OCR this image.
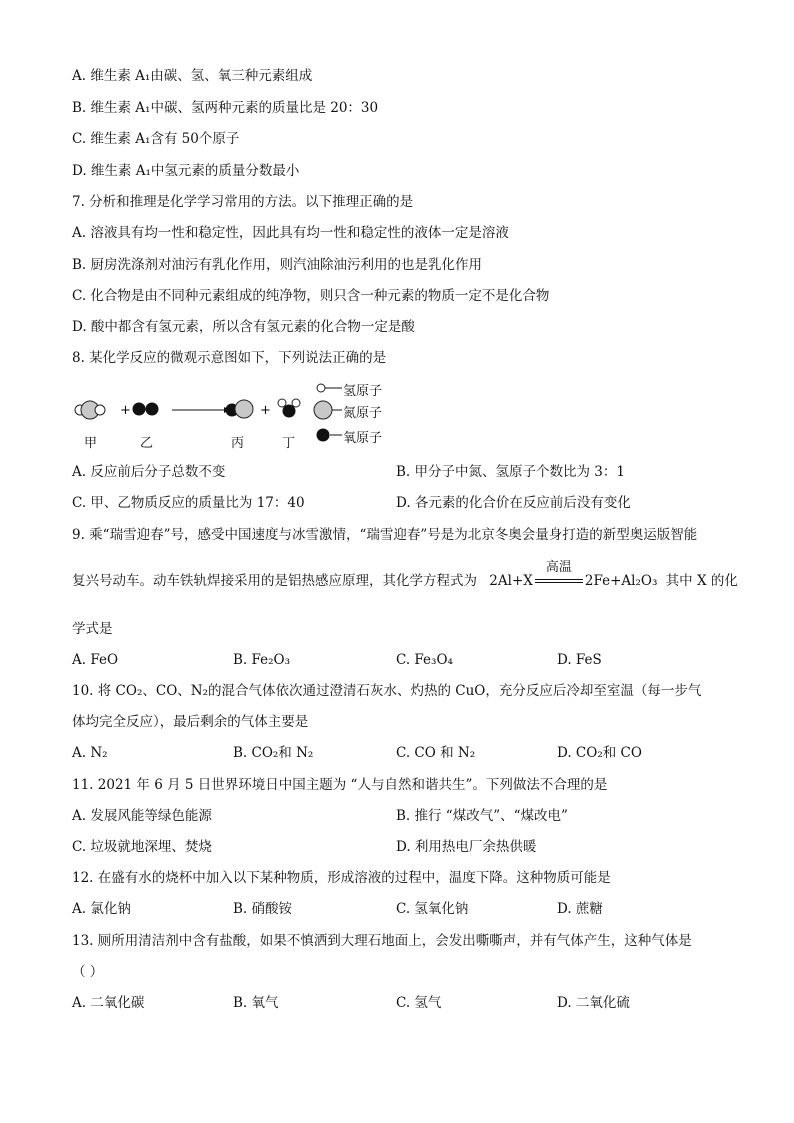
A. 维生素 A₁由碳、氢、氧三种元素组成
B. 维生素 A₁中碳、氢两种元素的质量比是 20：30
C. 维生素 A₁含有 50个原子
D. 维生素 A₁中氢元素的质量分数最小
7. 分析和推理是化学学习常用的方法。以下推理正确的是
A. 溶液具有均一性和稳定性，因此具有均一性和稳定性的液体一定是溶液
B. 厨房洗涤剂对油污有乳化作用，则汽油除油污利用的也是乳化作用
C. 化合物是由不同种元素组成的纯净物，则只含一种元素的物质一定不是化合物
D. 酸中都含有氢元素，所以含有氢元素的化合物一定是酸
8. 某化学反应的微观示意图如下，下列说法正确的是
+	+
氢原子
氮原子
氧原子
甲	乙	丙	丁
A. 反应前后分子总数不变	B. 甲分子中氮、氢原子个数比为 3：1
C. 甲、乙物质反应的质量比为 17：40	D. 各元素的化合价在反应前后没有变化
9. 乘“瑞雪迎春”号，感受中国速度与冰雪激情，“瑞雪迎春”号是为北京冬奥会量身打造的新型奥运版智能
复兴号动车。动车铁轨焊接采用的是铝热感应原理，其化学方程式为 2Al+X
高温
2Fe+Al₂O₃ 其中 X 的化
学式是
A. FeO	B. Fe₂O₃	C. Fe₃O₄	D. FeS
10. 将 CO₂、CO、N₂的混合气体依次通过澄清石灰水、灼热的 CuO，充分反应后冷却至室温（每一步气
体均完全反应），最后剩余的气体主要是
A. N₂	B. CO₂和 N₂	C. CO 和 N₂	D. CO₂和 CO
11. 2021 年 6 月 5 日世界环境日中国主题为 “人与自然和谐共生”。下列做法不合理的是
A. 发展风能等绿色能源	B. 推行 “煤改气”、“煤改电”
C. 垃圾就地深埋、焚烧	D. 利用热电厂余热供暖
12. 在盛有水的烧杯中加入以下某种物质，形成溶液的过程中，温度下降。这种物质可能是
A. 氯化钠	B. 硝酸铵	C. 氢氧化钠	D. 蔗糖
13. 厕所用清洁剂中含有盐酸，如果不慎洒到大理石地面上，会发出嘶嘶声，并有气体产生，这种气体是
（ ）
A. 二氧化碳	B. 氧气	C. 氢气	D. 二氧化硫
